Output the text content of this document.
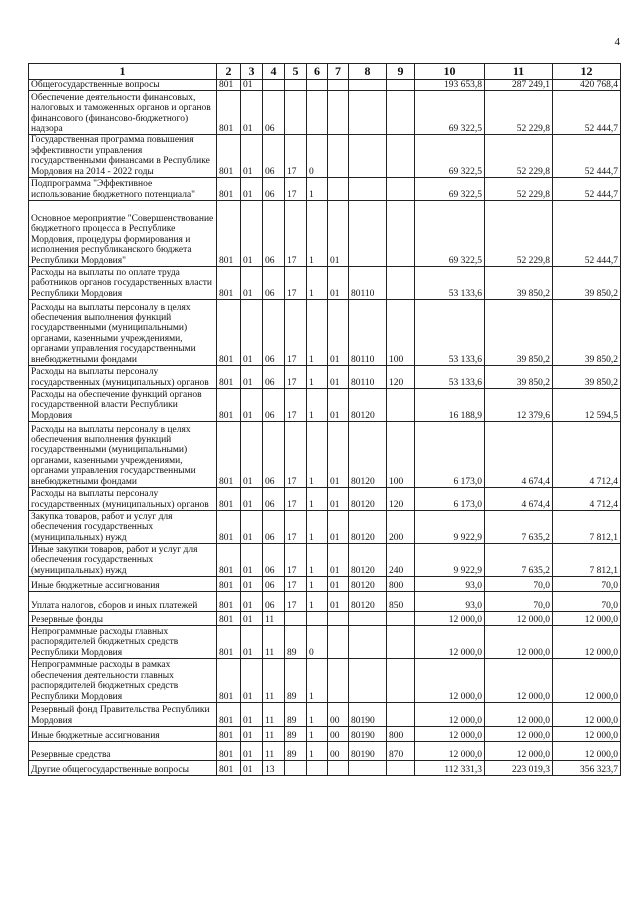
4
1	2	3	4	5	6	7	8	9	10	11	12
Общегосударственные вопросы	801	01							193 653,8	287 249,1	420 768,4
Обеспечение деятельности финансовых, налоговых и таможенных органов и органов финансового (финансово-бюджетного) надзора	801	01	06						69 322,5	52 229,8	52 444,7
Государственная программа повышения эффективности управления государственными финансами в Республике Мордовия на 2014 - 2022 годы	801	01	06	17	0				69 322,5	52 229,8	52 444,7
Подпрограмма "Эффективное использование бюджетного потенциала"	801	01	06	17	1				69 322,5	52 229,8	52 444,7
Основное мероприятие "Совершенствование бюджетного процесса в Республике Мордовия, процедуры формирования и исполнения республиканского бюджета Республики Мордовия"	801	01	06	17	1	01			69 322,5	52 229,8	52 444,7
Расходы на выплаты по оплате труда работников органов государственных власти Республики Мордовия	801	01	06	17	1	01	80110		53 133,6	39 850,2	39 850,2
Расходы на выплаты персоналу в целях обеспечения выполнения функций государственными (муниципальными) органами, казенными учреждениями, органами управления государственными внебюджетными фондами	801	01	06	17	1	01	80110	100	53 133,6	39 850,2	39 850,2
Расходы на выплаты персоналу государственных (муниципальных) органов	801	01	06	17	1	01	80110	120	53 133,6	39 850,2	39 850,2
Расходы на обеспечение функций органов государственной власти Республики Мордовия	801	01	06	17	1	01	80120		16 188,9	12 379,6	12 594,5
Расходы на выплаты персоналу в целях обеспечения выполнения функций государственными (муниципальными) органами, казенными учреждениями, органами управления государственными внебюджетными фондами	801	01	06	17	1	01	80120	100	6 173,0	4 674,4	4 712,4
Расходы на выплаты персоналу государственных (муниципальных) органов	801	01	06	17	1	01	80120	120	6 173,0	4 674,4	4 712,4
Закупка товаров, работ и услуг для обеспечения государственных (муниципальных) нужд	801	01	06	17	1	01	80120	200	9 922,9	7 635,2	7 812,1
Иные закупки товаров, работ и услуг для обеспечения государственных (муниципальных) нужд	801	01	06	17	1	01	80120	240	9 922,9	7 635,2	7 812,1
Иные бюджетные ассигнования	801	01	06	17	1	01	80120	800	93,0	70,0	70,0
Уплата налогов, сборов и иных платежей	801	01	06	17	1	01	80120	850	93,0	70,0	70,0
Резервные фонды	801	01	11						12 000,0	12 000,0	12 000,0
Непрограммные расходы главных распорядителей бюджетных средств Республики Мордовия	801	01	11	89	0				12 000,0	12 000,0	12 000,0
Непрограммные расходы в рамках обеспечения деятельности главных распорядителей бюджетных средств Республики Мордовия	801	01	11	89	1				12 000,0	12 000,0	12 000,0
Резервный фонд Правительства Республики Мордовия	801	01	11	89	1	00	80190		12 000,0	12 000,0	12 000,0
Иные бюджетные ассигнования	801	01	11	89	1	00	80190	800	12 000,0	12 000,0	12 000,0
Резервные средства	801	01	11	89	1	00	80190	870	12 000,0	12 000,0	12 000,0
Другие общегосударственные вопросы	801	01	13						112 331,3	223 019,3	356 323,7
